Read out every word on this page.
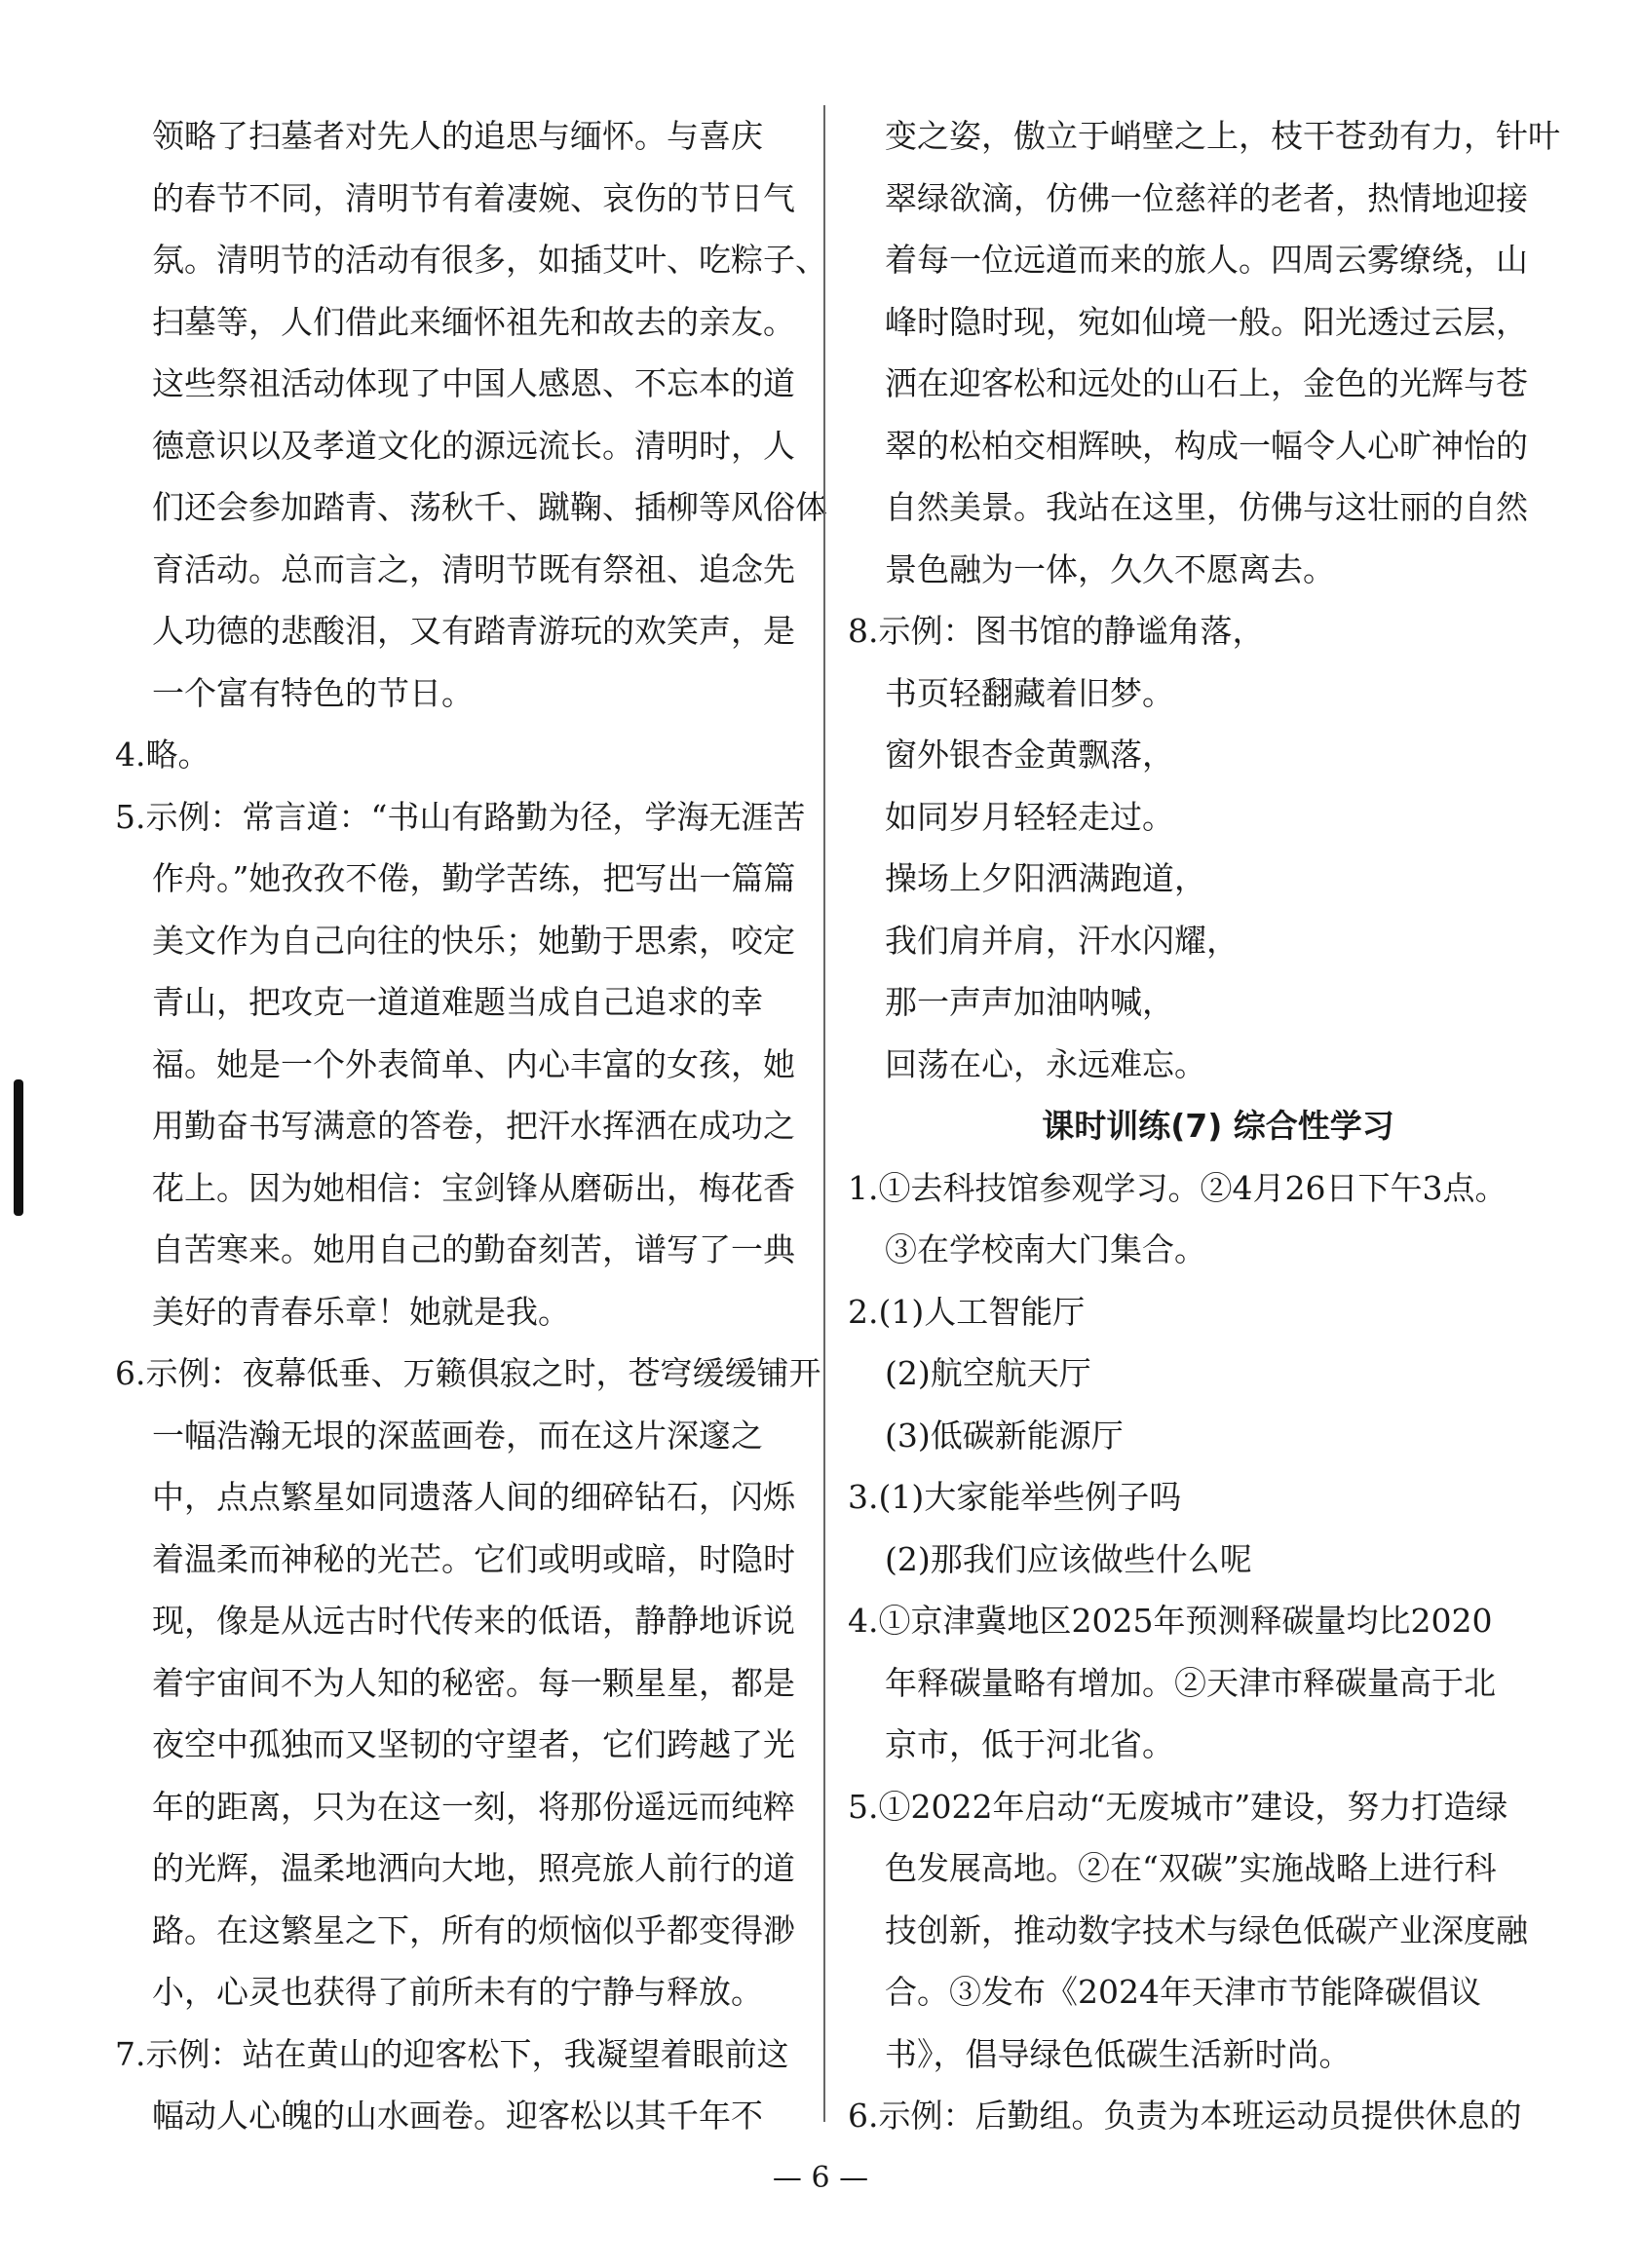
领略了扫墓者对先人的追思与缅怀。与喜庆
的春节不同，清明节有着凄婉、哀伤的节日气
氛。清明节的活动有很多，如插艾叶、吃粽子、
扫墓等，人们借此来缅怀祖先和故去的亲友。
这些祭祖活动体现了中国人感恩、不忘本的道
德意识以及孝道文化的源远流长。清明时，人
们还会参加踏青、荡秋千、蹴鞠、插柳等风俗体
育活动。总而言之，清明节既有祭祖、追念先
人功德的悲酸泪，又有踏青游玩的欢笑声，是
一个富有特色的节日。
4.略。
5.示例：常言道：“书山有路勤为径，学海无涯苦
作舟。”她孜孜不倦，勤学苦练，把写出一篇篇
美文作为自己向往的快乐；她勤于思索，咬定
青山，把攻克一道道难题当成自己追求的幸
福。她是一个外表简单、内心丰富的女孩，她
用勤奋书写满意的答卷，把汗水挥洒在成功之
花上。因为她相信：宝剑锋从磨砺出，梅花香
自苦寒来。她用自己的勤奋刻苦，谱写了一典
美好的青春乐章！她就是我。
6.示例：夜幕低垂、万籁俱寂之时，苍穹缓缓铺开
一幅浩瀚无垠的深蓝画卷，而在这片深邃之
中，点点繁星如同遗落人间的细碎钻石，闪烁
着温柔而神秘的光芒。它们或明或暗，时隐时
现，像是从远古时代传来的低语，静静地诉说
着宇宙间不为人知的秘密。每一颗星星，都是
夜空中孤独而又坚韧的守望者，它们跨越了光
年的距离，只为在这一刻，将那份遥远而纯粹
的光辉，温柔地洒向大地，照亮旅人前行的道
路。在这繁星之下，所有的烦恼似乎都变得渺
小，心灵也获得了前所未有的宁静与释放。
7.示例：站在黄山的迎客松下，我凝望着眼前这
幅动人心魄的山水画卷。迎客松以其千年不
变之姿，傲立于峭壁之上，枝干苍劲有力，针叶
翠绿欲滴，仿佛一位慈祥的老者，热情地迎接
着每一位远道而来的旅人。四周云雾缭绕，山
峰时隐时现，宛如仙境一般。阳光透过云层，
洒在迎客松和远处的山石上，金色的光辉与苍
翠的松柏交相辉映，构成一幅令人心旷神怡的
自然美景。我站在这里，仿佛与这壮丽的自然
景色融为一体，久久不愿离去。
8.示例：图书馆的静谧角落，
书页轻翻藏着旧梦。
窗外银杏金黄飘落，
如同岁月轻轻走过。
操场上夕阳洒满跑道，
我们肩并肩，汗水闪耀，
那一声声加油呐喊，
回荡在心，永远难忘。
课时训练(7) 综合性学习
1.①去科技馆参观学习。②4月26日下午3点。
③在学校南大门集合。
2.(1)人工智能厅
(2)航空航天厅
(3)低碳新能源厅
3.(1)大家能举些例子吗
(2)那我们应该做些什么呢
4.①京津冀地区2025年预测释碳量均比2020
年释碳量略有增加。②天津市释碳量高于北
京市，低于河北省。
5.①2022年启动“无废城市”建设，努力打造绿
色发展高地。②在“双碳”实施战略上进行科
技创新，推动数字技术与绿色低碳产业深度融
合。③发布《2024年天津市节能降碳倡议
书》，倡导绿色低碳生活新时尚。
6.示例：后勤组。负责为本班运动员提供休息的
— 6 —
